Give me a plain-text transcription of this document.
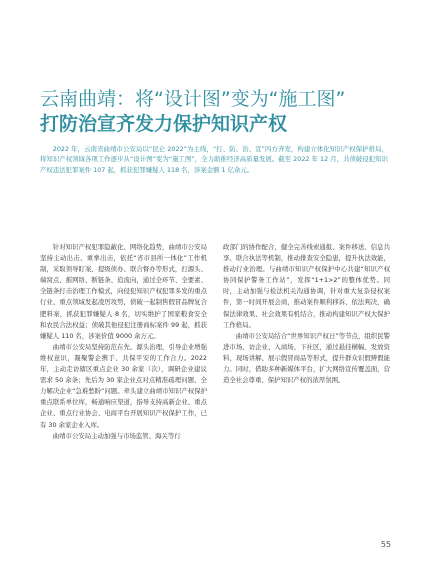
云南曲靖：将“设计图”变为“施工图”
打防治宣齐发力保护知识产权

2022 年，云南省曲靖市公安局以“昆仑 2022”为主线，“打、防、治、宣”四方齐发，构建立体化知识产权保护格局，将知识产权领域各项工作逐步从“设计图”变为“施工图”，全力助推经济高质量发展。截至 2022 年 12 月，共侦破侵犯知识产权违法犯罪案件 107 起，抓获犯罪嫌疑人 118 名，涉案金额 1 亿余元。

针对知识产权犯罪隐蔽化、网络化趋势，曲靖市公安局坚持主动出击、重拳出击，依托“省市县所一体化”工作机制，采取领导盯案、提级侦办、联合督办等形式，打源头、端窝点、摧网络、断链条、追流向，通过全环节、全要素、全链条打击治理工作模式，向侵犯知识产权犯罪多发的重点行业、重点领域发起凌厉攻势，侦破一起制售假冒品牌复合肥料案，抓获犯罪嫌疑人 8 名，切实维护了国家粮食安全和农民合法权益；侦破其他侵犯注册商标案件 99 起，抓获嫌疑人 110 名，涉案价值 9000 余万元。

曲靖市公安局坚持防范在先、源头治理，引导企业增强维权意识，凝聚警企携手、共保平安的工作合力。2022 年，主动走访辖区重点企业 30 余家（次），调研企业建议需求 50 余条；先后为 30 家企业点对点精准疏理问题、全力解决企业“急难愁盼”问题。牵头建立曲靖市知识产权保护重点联系单位库，畅通响应渠道，指导支持高新企业、重点企业、重点行业协会、电商平台开展知识产权保护工作，已有 30 余家企业入库。

曲靖市公安局主动加强与市场监管、海关等行

政部门的协作配合，健全完善线索通报、案件移送、信息共享、联合执法等机制，推动排查安全隐患，提升执法效能，推动行业治理。与曲靖市知识产权保护中心共建“知识产权协同保护警务工作站”，发挥“1+1>2”的整体优势。同时，主动加强与检法机关沟通协调，针对重大复杂侵权案件，第一时间开展会商，推动案件顺利移诉、依法判决，确保法律效果、社会效果有机结合，推动构建知识产权大保护工作格局。

曲靖市公安局结合“世界知识产权日”等节点，组织民警进市场、访企业、入商场、下社区，通过悬挂横幅、发放资料、现场讲解、展示假冒商品等形式，提升群众识假辨假能力。同时，借助多种新媒体平台，扩大网络宣传覆盖面，营造全社会尊重、保护知识产权的浓厚氛围。

55
